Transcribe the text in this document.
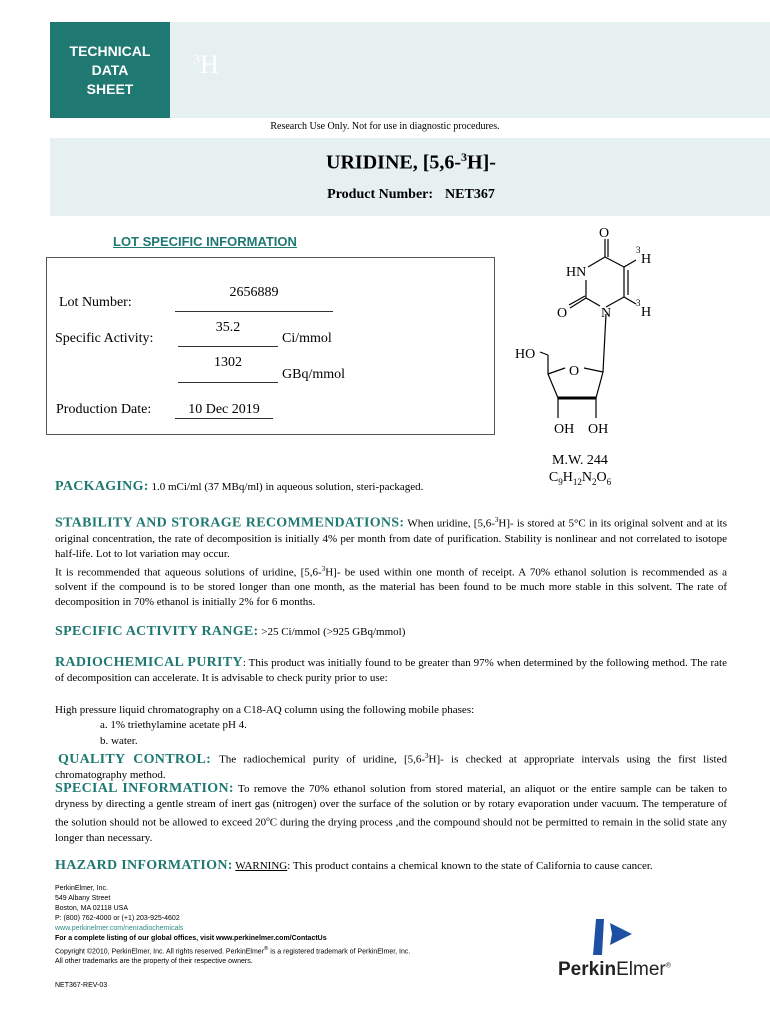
TECHNICAL
DATA
SHEET
$^3$H
Research Use Only. Not for use in diagnostic procedures.
URIDINE, [5,6-$^3$H]-
Product Number: NET367
LOT SPECIFIC INFORMATION
Lot Number:
2656889
Specific Activity:
35.2
Ci/mmol
1302
GBq/mmol
Production Date:	10 Dec 2019
O
3
H
HN
O N
3
H
HO
O
OH OH
M.W. 244
$C_9H_{12}N_2O_6$
PACKAGING: 1.0 mCi/ml (37 MBq/ml) in aqueous solution, steri-packaged.
STABILITY AND STORAGE RECOMMENDATIONS: When uridine, [5,6-$^3$H]- is stored at 5°C in its original solvent and at its original concentration, the rate of decomposition is initially 4% per month from date of purification. Stability is nonlinear and not correlated to isotope half-life. Lot to lot variation may occur.
It is recommended that aqueous solutions of uridine, [5,6-$^3$H]- be used within one month of receipt. A 70% ethanol solution is recommended as a solvent if the compound is to be stored longer than one month, as the material has been found to be much more stable in this solvent. The rate of decomposition in 70% ethanol is initially 2% for 6 months.
SPECIFIC ACTIVITY RANGE: >25 Ci/mmol (>925 GBq/mmol)
RADIOCHEMICAL PURITY: This product was initially found to be greater than 97% when determined by the following method. The rate of decomposition can accelerate. It is advisable to check purity prior to use:
High pressure liquid chromatography on a C18-AQ column using the following mobile phases:
a. 1% triethylamine acetate pH 4.
b. water.
QUALITY CONTROL: The radiochemical purity of uridine, [5,6-$^3$H]- is checked at appropriate intervals using the first listed chromatography method.
SPECIAL INFORMATION: To remove the 70% ethanol solution from stored material, an aliquot or the entire sample can be taken to dryness by directing a gentle stream of inert gas (nitrogen) over the surface of the solution or by rotary evaporation under vacuum. The temperature of the solution should not be allowed to exceed 20$^o$C during the drying process ,and the compound should not be permitted to remain in the solid state any longer than necessary.
HAZARD INFORMATION: WARNING: This product contains a chemical known to the state of California to cause cancer.
PerkinElmer, Inc.
549 Albany Street
Boston, MA 02118 USA
P: (800) 762-4000 or (+1) 203-925-4602
www.perkinelmer.com/nenradiochemicals
For a complete listing of our global offices, visit www.perkinelmer.com/ContactUs
Copyright ©2010, PerkinElmer, Inc. All rights reserved. PerkinElmer® is a registered trademark of PerkinElmer, Inc.
All other trademarks are the property of their respective owners.
NET367-REV-03
PerkinElmer®
